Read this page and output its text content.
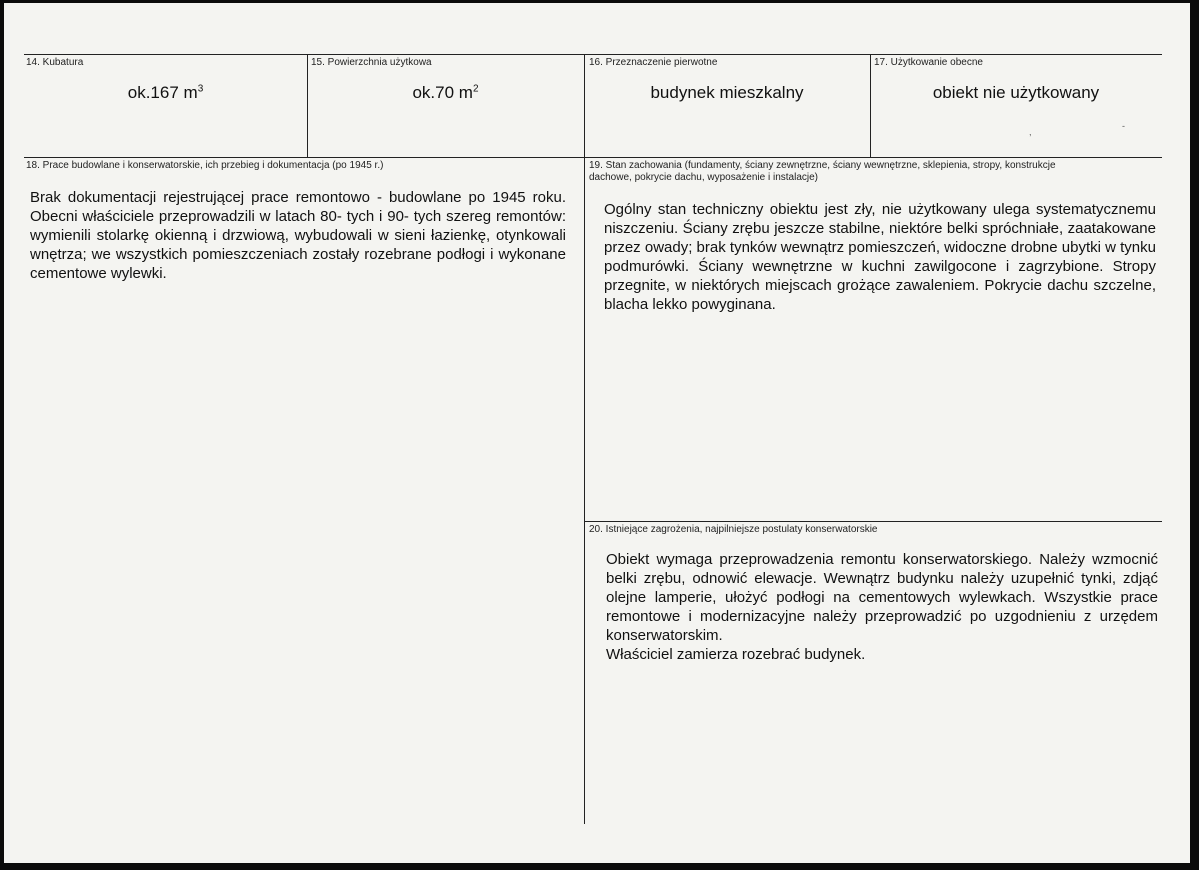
14. Kubatura
ok.167 $m^3$
15. Powierzchnia użytkowa
ok.70 $m^2$
16. Przeznaczenie pierwotne
budynek mieszkalny
17. Użytkowanie obecne
obiekt nie użytkowany
18. Prace budowlane i konserwatorskie, ich przebieg i dokumentacja (po 1945 r.)
Brak dokumentacji rejestrującej prace remontowo - budowlane po 1945 roku. Obecni właściciele przeprowadzili w latach 80- tych i 90- tych szereg remontów: wymienili stolarkę okienną i drzwiową, wybudowali w sieni łazienkę, otynkowali wnętrza; we wszystkich pomieszczeniach zostały rozebrane podłogi i wykonane cementowe wylewki.
19. Stan zachowania (fundamenty, ściany zewnętrzne, ściany wewnętrzne, sklepienia, stropy, konstrukcje dachowe, pokrycie dachu, wyposażenie i instalacje)
Ogólny stan techniczny obiektu jest zły, nie użytkowany ulega systematycznemu niszczeniu. Ściany zrębu jeszcze stabilne, niektóre belki spróchniałe, zaatakowane przez owady; brak tynków wewnątrz pomieszczeń, widoczne drobne ubytki w tynku podmurówki. Ściany wewnętrzne w kuchni zawilgocone i zagrzybione. Stropy przegnite, w niektórych miejscach grożące zawaleniem. Pokrycie dachu szczelne, blacha lekko powyginana.
20. Istniejące zagrożenia, najpilniejsze postulaty konserwatorskie

Obiekt wymaga przeprowadzenia remontu konserwatorskiego. Należy wzmocnić belki zrębu, odnowić elewacje. Wewnątrz budynku należy uzupełnić tynki, zdjąć olejne lamperie, ułożyć podłogi na cementowych wylewkach. Wszystkie prace remontowe i modernizacyjne należy przeprowadzić po uzgodnieniu z urzędem konserwatorskim.

Właściciel zamierza rozebrać budynek.

,
-
